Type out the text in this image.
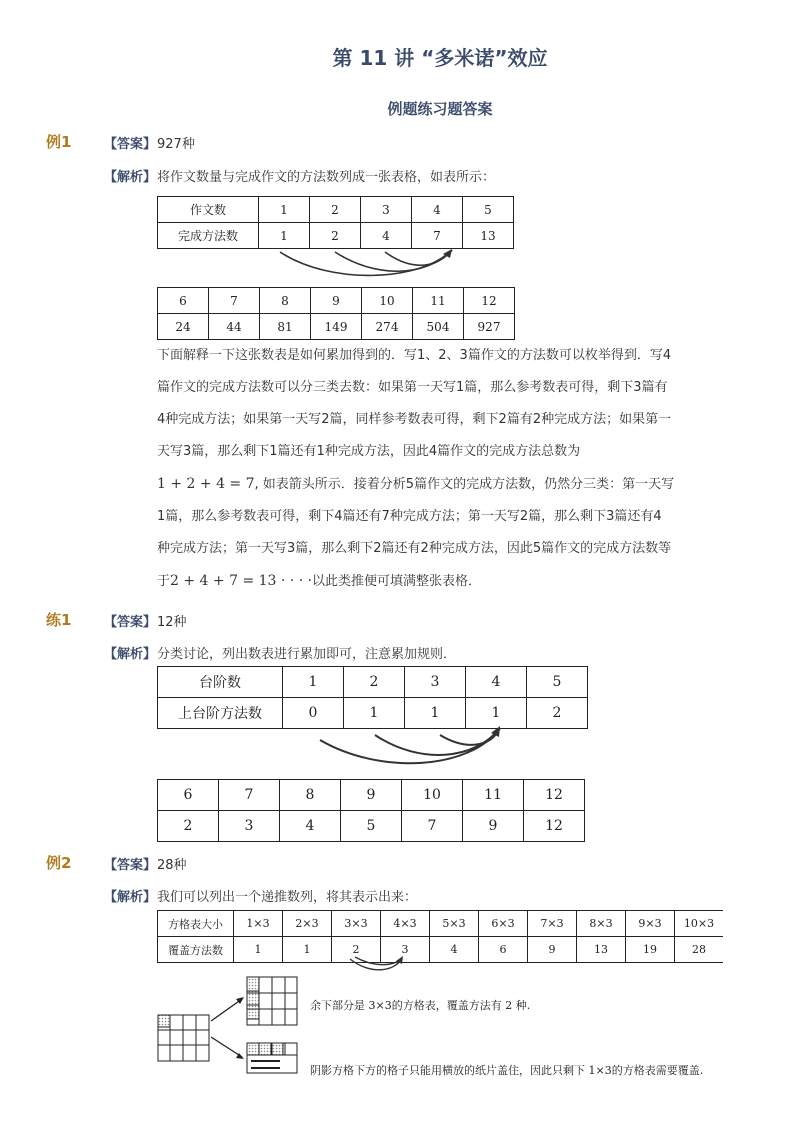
第 11 讲 “多米诺”效应
例题练习题答案
例1	【答案】 927种
【解析】 将作文数量与完成作文的方法数列成一张表格，如表所示：
作文数	1	2	3	4	5
完成方法数	1	2	4	7	13
6	7	8	9	10	11	12
24	44	81	149	274	504	927
下面解释一下这张数表是如何累加得到的．写1、2、3篇作文的方法数可以枚举得到．写4
篇作文的完成方法数可以分三类去数：如果第一天写1篇，那么参考数表可得，剩下3篇有
4种完成方法；如果第一天写2篇，同样参考数表可得，剩下2篇有2种完成方法；如果第一
天写3篇，那么剩下1篇还有1种完成方法，因此4篇作文的完成方法总数为
1 + 2 + 4 = 7, 如表箭头所示．接着分析5篇作文的完成方法数，仍然分三类：第一天写
1篇，那么参考数表可得，剩下4篇还有7种完成方法；第一天写2篇，那么剩下3篇还有4
种完成方法；第一天写3篇，那么剩下2篇还有2种完成方法，因此5篇作文的完成方法数等
于2 + 4 + 7 = 13 · · · ·以此类推便可填满整张表格．
练1	【答案】 12种
【解析】 分类讨论，列出数表进行累加即可，注意累加规则．
台阶数	1	2	3	4	5
上台阶方法数	0	1	1	1	2
6	7	8	9	10	11	12
2	3	4	5	7	9	12
例2	【答案】 28种
【解析】 我们可以列出一个递推数列，将其表示出来：
方格表大小	1×3	2×3	3×3	4×3	5×3	6×3	7×3	8×3	9×3	10×3
覆盖方法数	1	1	2	3	4	6	9	13	19	28
余下部分是 3×3的方格表，覆盖方法有 2 种.
阴影方格下方的格子只能用横放的纸片盖住，因此只剩下 1×3的方格表需要覆盖.
